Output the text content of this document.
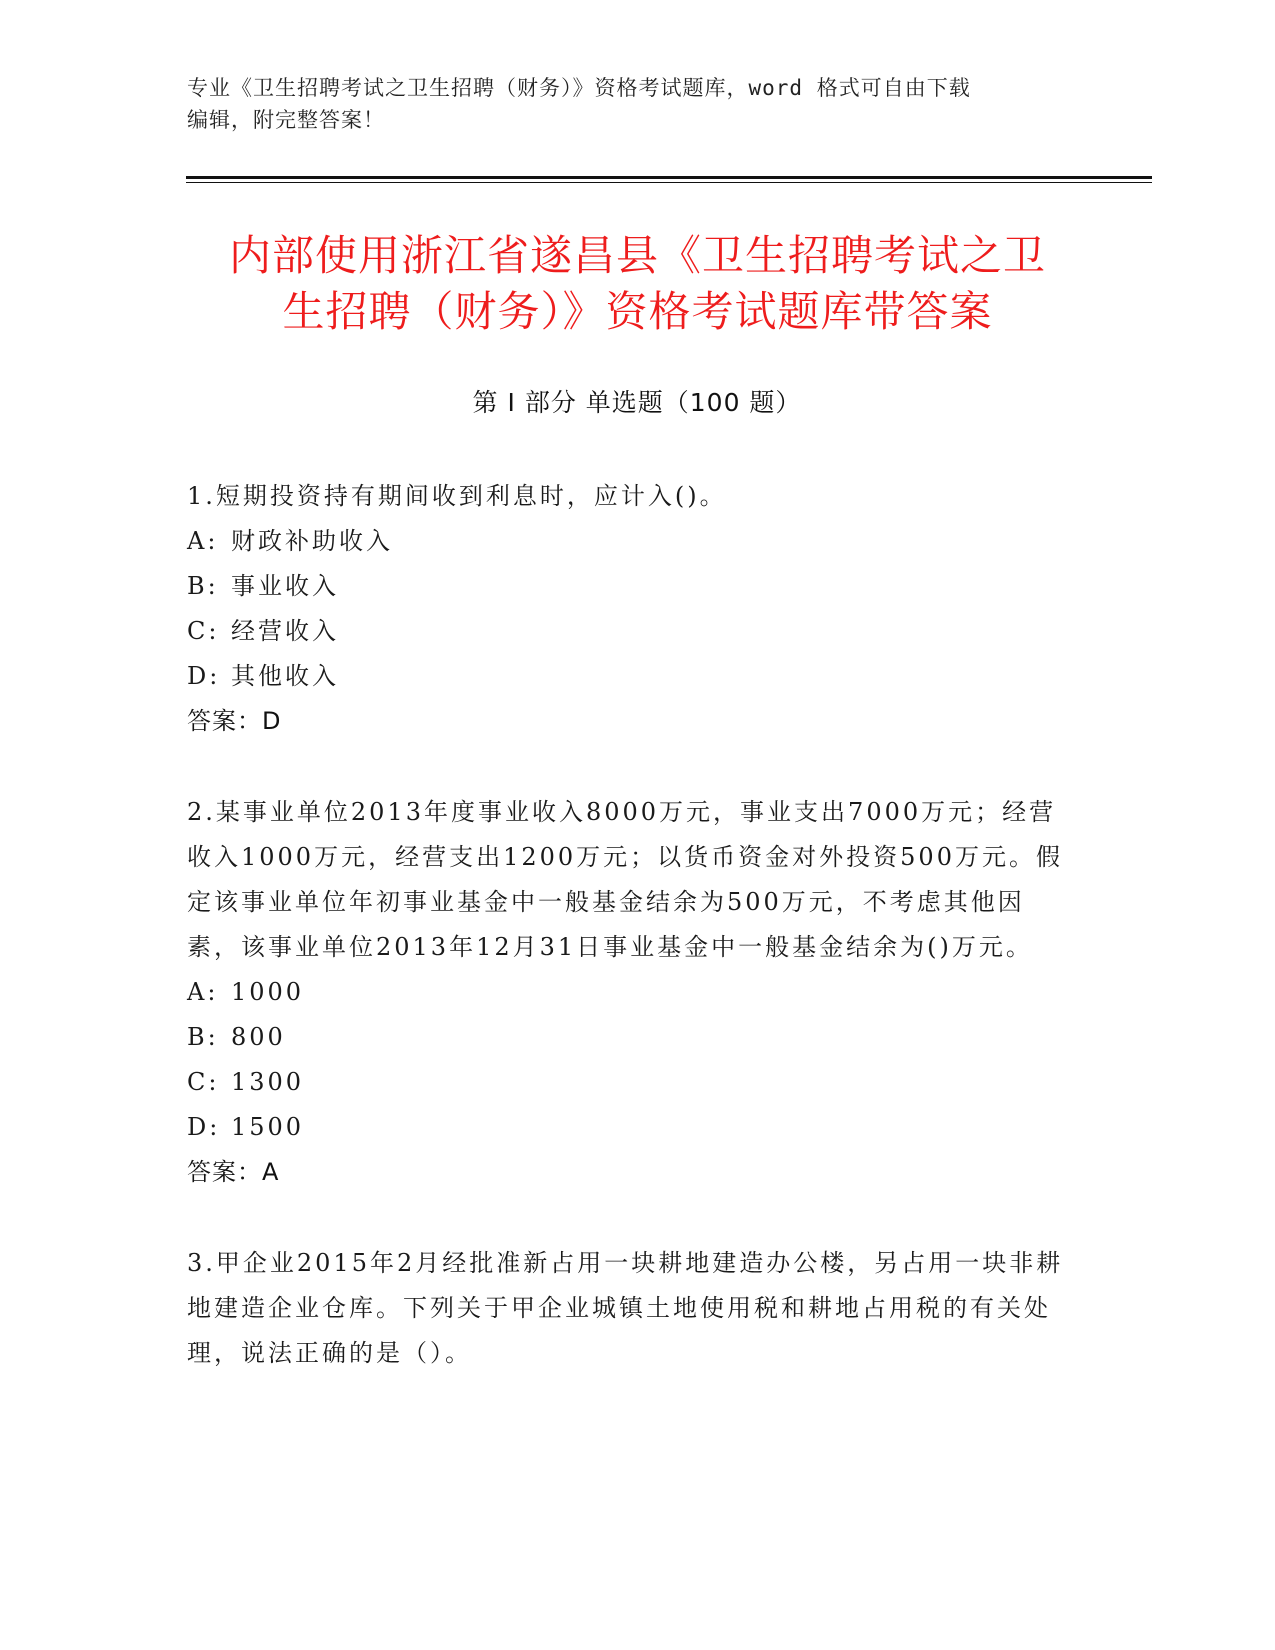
专业《卫生招聘考试之卫生招聘（财务）》资格考试题库，word 格式可自由下载
编辑，附完整答案！
内部使用浙江省遂昌县《卫生招聘考试之卫
生招聘（财务）》资格考试题库带答案
第 I 部分 单选题（100 题）
1.短期投资持有期间收到利息时，应计入()。
A: 财政补助收入
B: 事业收入
C: 经营收入
D: 其他收入
答案：D
2.某事业单位2013年度事业收入8000万元，事业支出7000万元；经营收入1000万元，经营支出1200万元；以货币资金对外投资500万元。假定该事业单位年初事业基金中一般基金结余为500万元，不考虑其他因素，该事业单位2013年12月31日事业基金中一般基金结余为()万元。
A: 1000
B: 800
C: 1300
D: 1500
答案：A
3.甲企业2015年2月经批准新占用一块耕地建造办公楼，另占用一块非耕地建造企业仓库。下列关于甲企业城镇土地使用税和耕地占用税的有关处理，说法正确的是（）。
